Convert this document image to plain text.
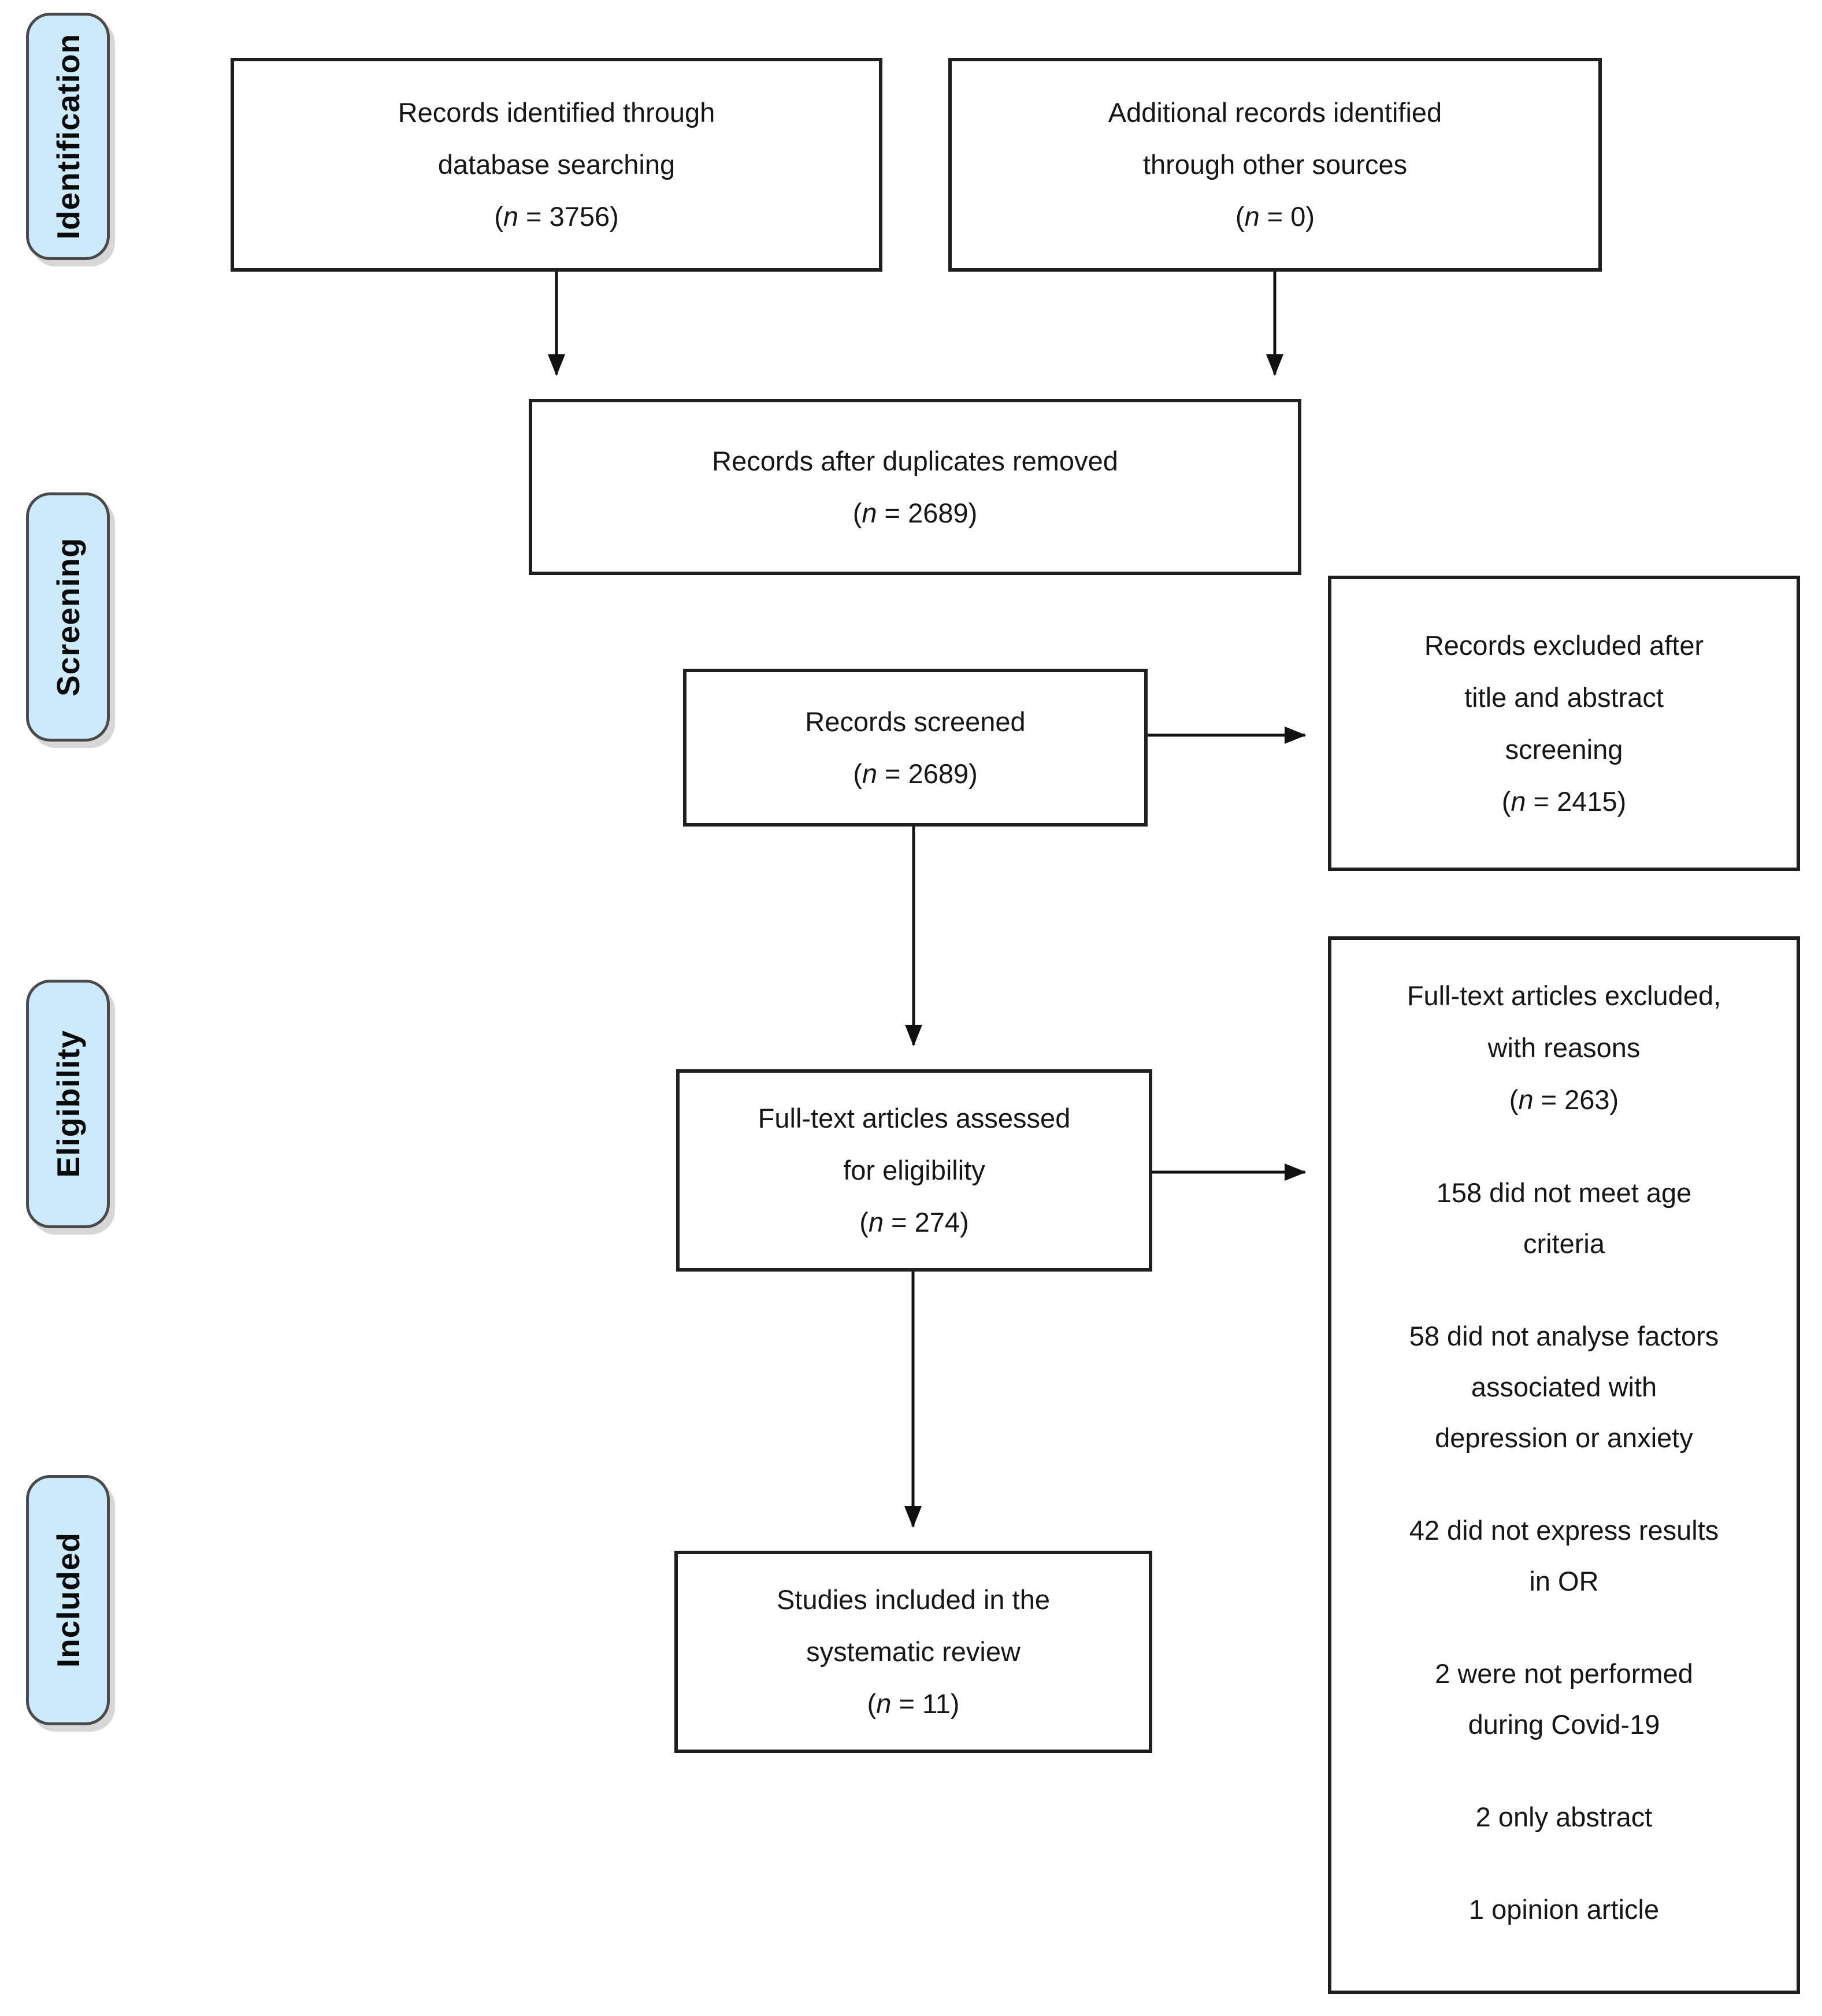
Identification
Screening
Eligibility
Included
Records identified through
database searching
(n = 3756)
Additional records identified
through other sources
(n = 0)
Records after duplicates removed
(n = 2689)
Records screened
(n = 2689)
Records excluded after
title and abstract
screening
(n = 2415)
Full-text articles assessed
for eligibility
(n = 274)
Full-text articles excluded,
with reasons
(n = 263)
158 did not meet age criteria
58 did not analyse factors associated with depression or anxiety
42 did not express results in OR
2 were not performed during Covid-19
2 only abstract
1 opinion article
Studies included in the
systematic review
(n = 11)
